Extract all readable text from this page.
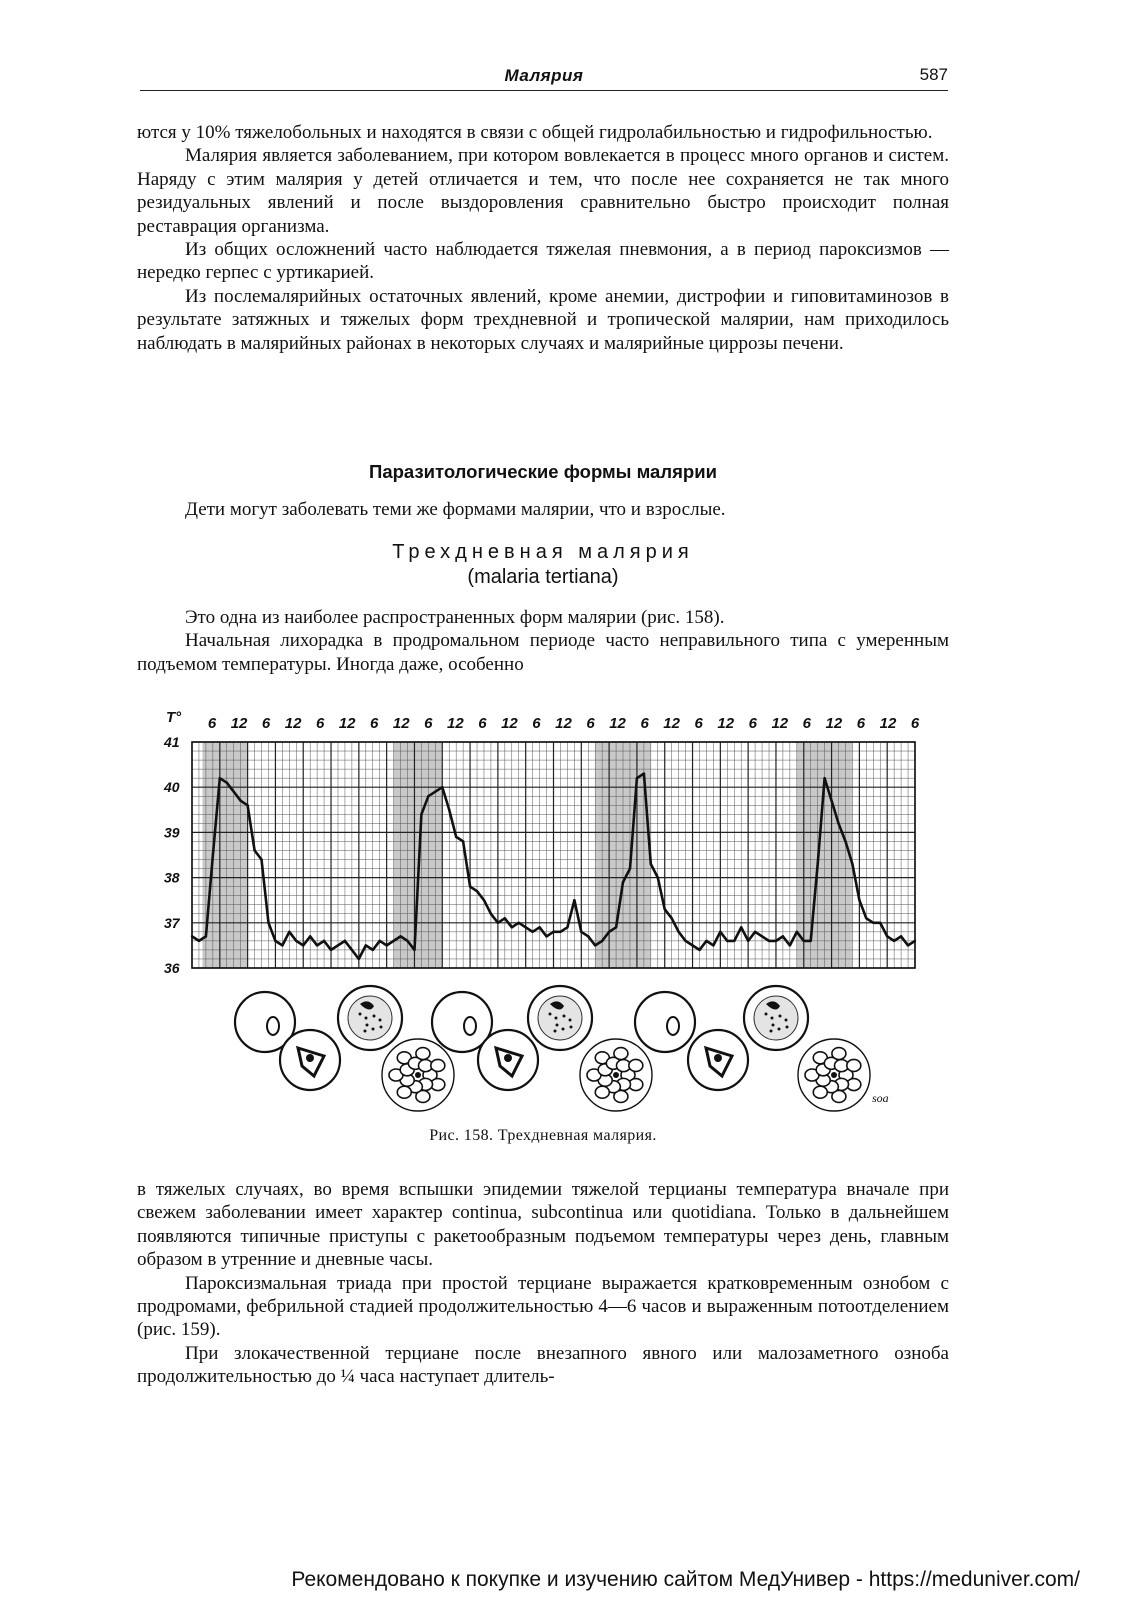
Малярия	587

ются у 10% тяжелобольных и находятся в связи с общей гидролабильностью и гидрофильностью.

Малярия является заболеванием, при котором вовлекается в процесс много органов и систем. Наряду с этим малярия у детей отличается и тем, что после нее сохраняется не так много резидуальных явлений и после выздоровления сравнительно быстро происходит полная реставрация организма.

Из общих осложнений часто наблюдается тяжелая пневмония, а в период пароксизмов — нередко герпес с уртикарией.

Из послемалярийных остаточных явлений, кроме анемии, дистрофии и гиповитаминозов в результате затяжных и тяжелых форм трехдневной и тропической малярии, нам приходилось наблюдать в малярийных районах в некоторых случаях и малярийные циррозы печени.

Паразитологические формы малярии

Дети могут заболевать теми же формами малярии, что и взрослые.

Трехдневная малярия
(malaria tertiana)

Это одна из наиболее распространенных форм малярии (рис. 158).

Начальная лихорадка в продромальном периоде часто неправильного типа с умеренным подъемом температуры. Иногда даже, особенно

T°
36
37
38
39
40
41
6 12 6 12 6 12 6 12 6 12 6 12 6 12 6 12 6 12 6 12 6 12 6 12 6 12 6
soa
Рис. 158. Трехдневная малярия.

в тяжелых случаях, во время вспышки эпидемии тяжелой терцианы температура вначале при свежем заболевании имеет характер continua, subcontinua или quotidiana. Только в дальнейшем появляются типичные приступы с ракетообразным подъемом температуры через день, главным образом в утренние и дневные часы.

Пароксизмальная триада при простой терциане выражается кратковременным ознобом с продромами, фебрильной стадией продолжительностью 4—6 часов и выраженным потоотделением (рис. 159).

При злокачественной терциане после внезапного явного или малозаметного озноба продолжительностью до ¼ часа наступает длитель-

Рекомендовано к покупке и изучению сайтом МедУнивер - https://meduniver.com/
